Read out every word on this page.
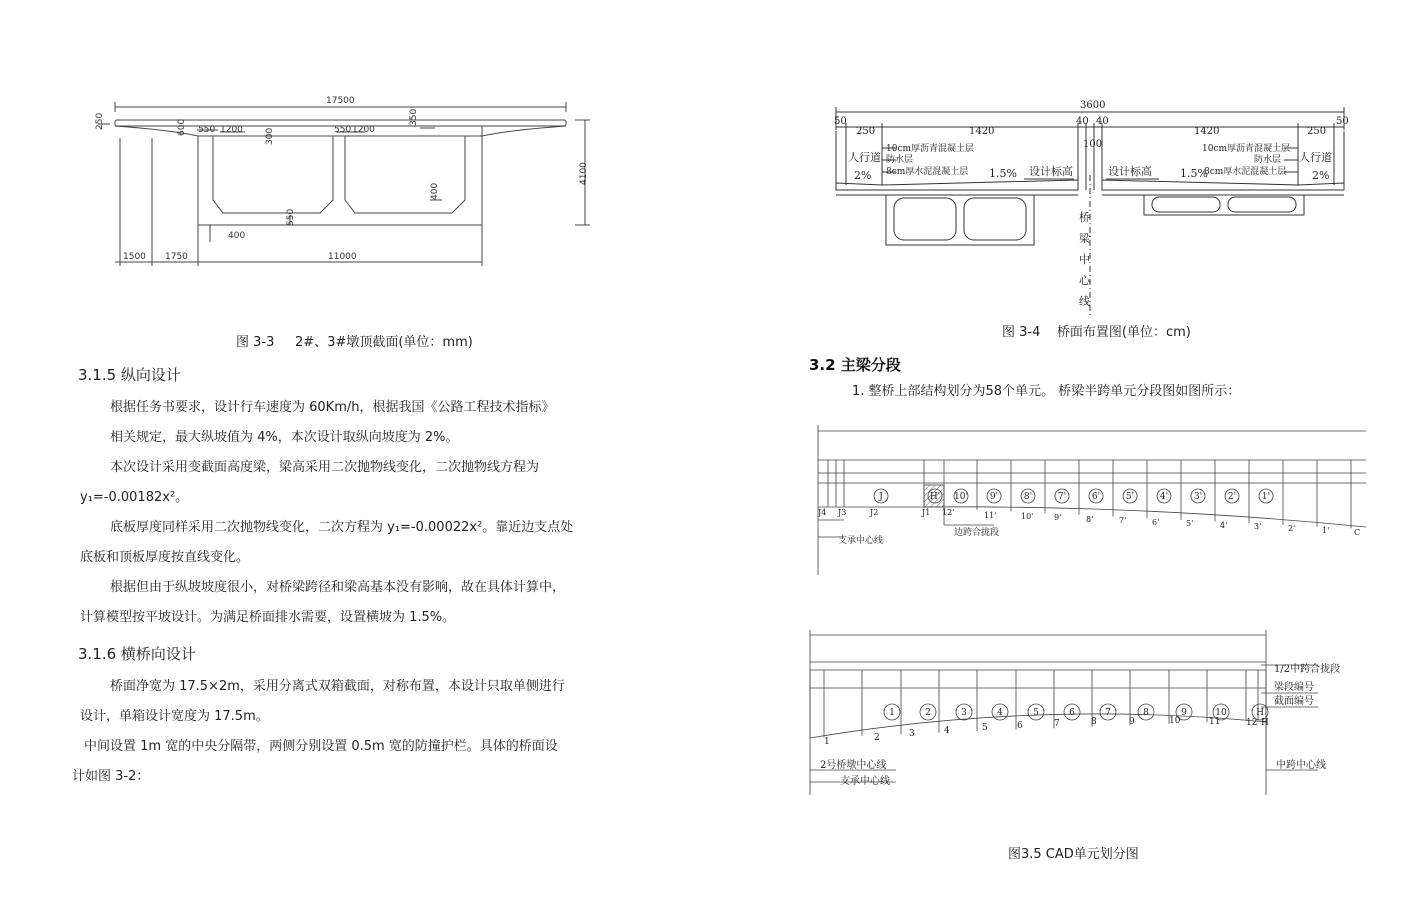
17500
250	600 550 1200 300	550 1200
350
4100
400
550
400
1500 1750	11000
图 3-3     2#、3#墩顶截面(单位：mm)
3.1.5 纵向设计
根据任务书要求，设计行车速度为 60Km/h，根据我国《公路工程技术指标》
相关规定，最大纵坡值为 4%，本次设计取纵向坡度为 2%。
本次设计采用变截面高度梁，梁高采用二次抛物线变化，二次抛物线方程为
y₁=-0.00182x²。
底板厚度同样采用二次抛物线变化，二次方程为 y₁=-0.00022x²。靠近边支点处
底板和顶板厚度按直线变化。
根据但由于纵坡坡度很小，对桥梁跨径和梁高基本没有影响，故在具体计算中，
计算模型按平坡设计。为满足桥面排水需要，设置横坡为 1.5%。
3.1.6 横桥向设计
桥面净宽为 17.5×2m，采用分离式双箱截面，对称布置，本设计只取单侧进行
设计，单箱设计宽度为 17.5m。
中间设置 1m 宽的中央分隔带，两侧分别设置 0.5m 宽的防撞护栏。具体的桥面设
计如图 3-2：
3600
50
250	1420
40
100
40
1420	250
50
人行道	人行道
2%	2%
1.5%	1.5%
设计标高	设计标高
10cm厚沥青混凝土层
防水层
8cm厚水泥混凝土层
10cm厚沥青混凝土层
防水层
8cm厚水泥混凝土层
桥
梁
中
心
线
图 3-4    桥面布置图(单位：cm)
3.2 主梁分段
1. 整桥上部结构划分为58个单元。 桥梁半跨单元分段图如图所示：
J	H' 10' 9'	8'	7'	6'	5'	4'	3'	2'	1'
J4 J3	J2	J1 12'	11'	10'	9'	8'	7'	6'	5'	4'	3'	2'	1'	C
支承中心线
边跨合拢段
1	2	3	4	5	6	7	8	9	10	H
1	2	3	4	5	6	7	8	9	10	11	12 H
1/2中跨合拢段
梁段编号
截面编号
2号桥墩中心线
支承中心线
中跨中心线
图3.5 CAD单元划分图
